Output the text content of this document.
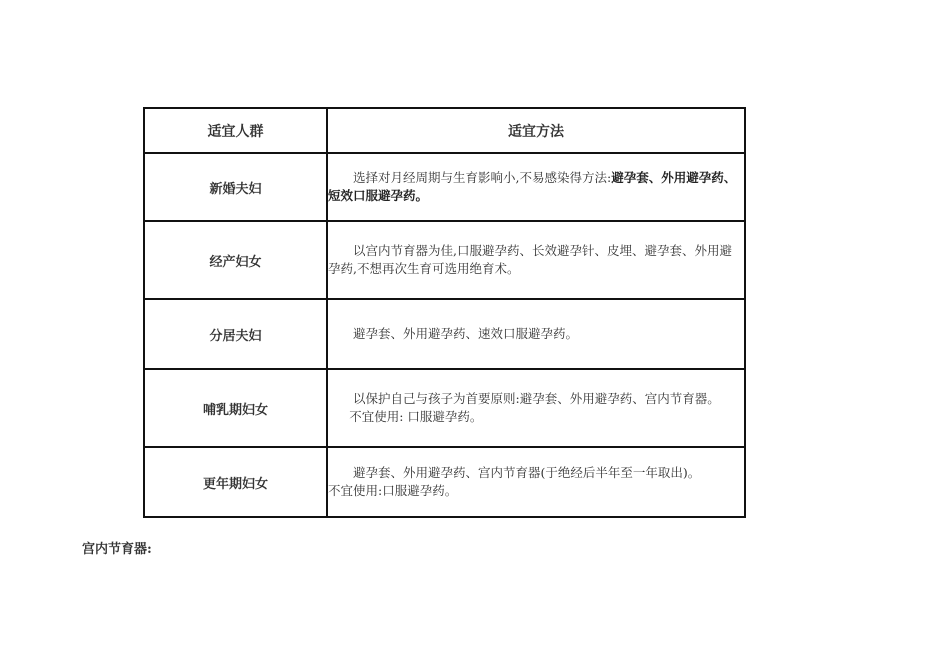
适宜人群	适宜方法
新婚夫妇	选择对月经周期与生育影响小,不易感染得方法:避孕套、外用避孕药、短效口服避孕药。

经产妇女	以宫内节育器为佳,口服避孕药、长效避孕针、皮埋、避孕套、外用避孕药,不想再次生育可选用绝育术。

分居夫妇	避孕套、外用避孕药、速效口服避孕药。

哺乳期妇女	以保护自己与孩子为首要原则:避孕套、外用避孕药、宫内节育器。
不宜使用: 口服避孕药。

更年期妇女	避孕套、外用避孕药、宫内节育器(于绝经后半年至一年取出)。
不宜使用:口服避孕药。
宫内节育器:
